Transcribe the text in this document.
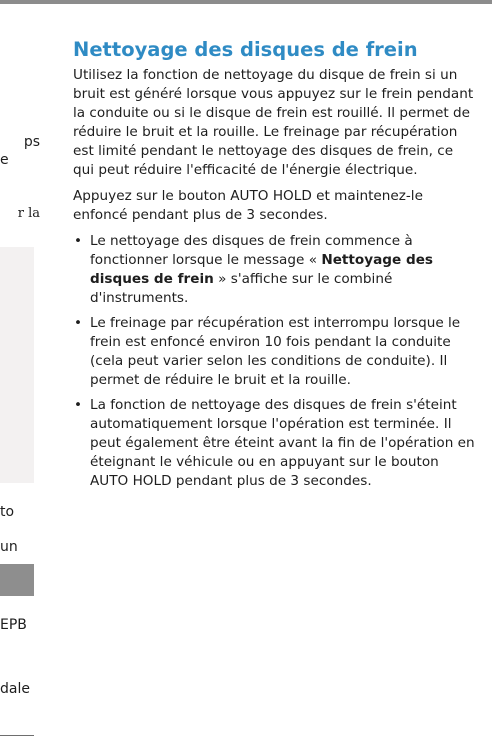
ps
e
r la
to
un
EPB
dale
Nettoyage des disques de frein

Utilisez la fonction de nettoyage du disque de frein si un bruit est généré lorsque vous appuyez sur le frein pendant la conduite ou si le disque de frein est rouillé. Il permet de réduire le bruit et la rouille. Le freinage par récupération est limité pendant le nettoyage des disques de frein, ce qui peut réduire l'efficacité de l'énergie électrique.

Appuyez sur le bouton AUTO HOLD et maintenez-le enfoncé pendant plus de 3 secondes.

• Le nettoyage des disques de frein commence à fonctionner lorsque le message « Nettoyage des disques de frein » s'affiche sur le combiné d'instruments.
• Le freinage par récupération est interrompu lorsque le frein est enfoncé environ 10 fois pendant la conduite (cela peut varier selon les conditions de conduite). Il permet de réduire le bruit et la rouille.
• La fonction de nettoyage des disques de frein s'éteint automatiquement lorsque l'opération est terminée. Il peut également être éteint avant la fin de l'opération en éteignant le véhicule ou en appuyant sur le bouton AUTO HOLD pendant plus de 3 secondes.
